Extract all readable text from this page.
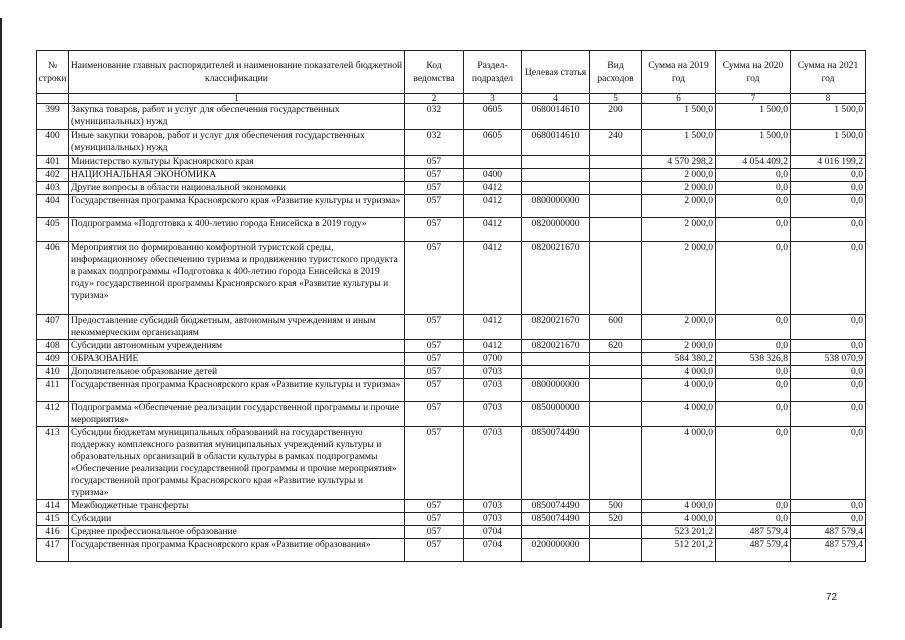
№ строки	Наименование главных распорядителей и наименование показателей бюджетной классификации	Код ведомства	Раздел-подраздел	Целевая статья	Вид расходов	Сумма на 2019 год	Сумма на 2020 год	Сумма на 2021 год
	1	2	3	4	5	6	7	8
399	Закупка товаров, работ и услуг для обеспечения государственных (муниципальных) нужд	032	0605	0680014610	200	1 500,0	1 500,0	1 500,0
400	Иные закупки товаров, работ и услуг для обеспечения государственных (муниципальных) нужд	032	0605	0680014610	240	1 500,0	1 500,0	1 500,0
401	Министерство культуры Красноярского края	057				4 570 298,2	4 054 409,2	4 016 199,2
402	НАЦИОНАЛЬНАЯ ЭКОНОМИКА	057	0400			2 000,0	0,0	0,0
403	Другие вопросы в области национальной экономики	057	0412			2 000,0	0,0	0,0
404	Государственная программа Красноярского края «Развитие культуры и туризма»	057	0412	0800000000		2 000,0	0,0	0,0
405	Подпрограмма «Подготовка к 400-летию города Енисейска в 2019 году»	057	0412	0820000000		2 000,0	0,0	0,0
406	Мероприятия по формированию комфортной туристской среды, информационному обеспечению туризма и продвижению туристского продукта в рамках подпрограммы «Подготовка к 400-летию города Енисейска в 2019 году» государственной программы Красноярского края «Развитие культуры и туризма»	057	0412	0820021670		2 000,0	0,0	0,0
407	Предоставление субсидий бюджетным, автономным учреждениям и иным некоммерческим организациям	057	0412	0820021670	600	2 000,0	0,0	0,0
408	Субсидии автономным учреждениям	057	0412	0820021670	620	2 000,0	0,0	0,0
409	ОБРАЗОВАНИЕ	057	0700			584 380,2	538 326,8	538 070,9
410	Дополнительное образование детей	057	0703			4 000,0	0,0	0,0
411	Государственная программа Красноярского края «Развитие культуры и туризма»	057	0703	0800000000		4 000,0	0,0	0,0
412	Подпрограмма «Обеспечение реализации государственной программы и прочие мероприятия»	057	0703	0850000000		4 000,0	0,0	0,0
413	Субсидии бюджетам муниципальных образований на государственную поддержку комплексного развития муниципальных учреждений культуры и образовательных организаций в области культуры в рамках подпрограммы «Обеспечение реализации государственной программы и прочие мероприятия» государственной программы Красноярского края «Развитие культуры и туризма»	057	0703	0850074490		4 000,0	0,0	0,0
414	Межбюджетные трансферты	057	0703	0850074490	500	4 000,0	0,0	0,0
415	Субсидии	057	0703	0850074490	520	4 000,0	0,0	0,0
416	Среднее профессиональное образование	057	0704			523 201,2	487 579,4	487 579,4
417	Государственная программа Красноярского края «Развитие образования»	057	0704	0200000000		512 201,2	487 579,4	487 579,4
72
